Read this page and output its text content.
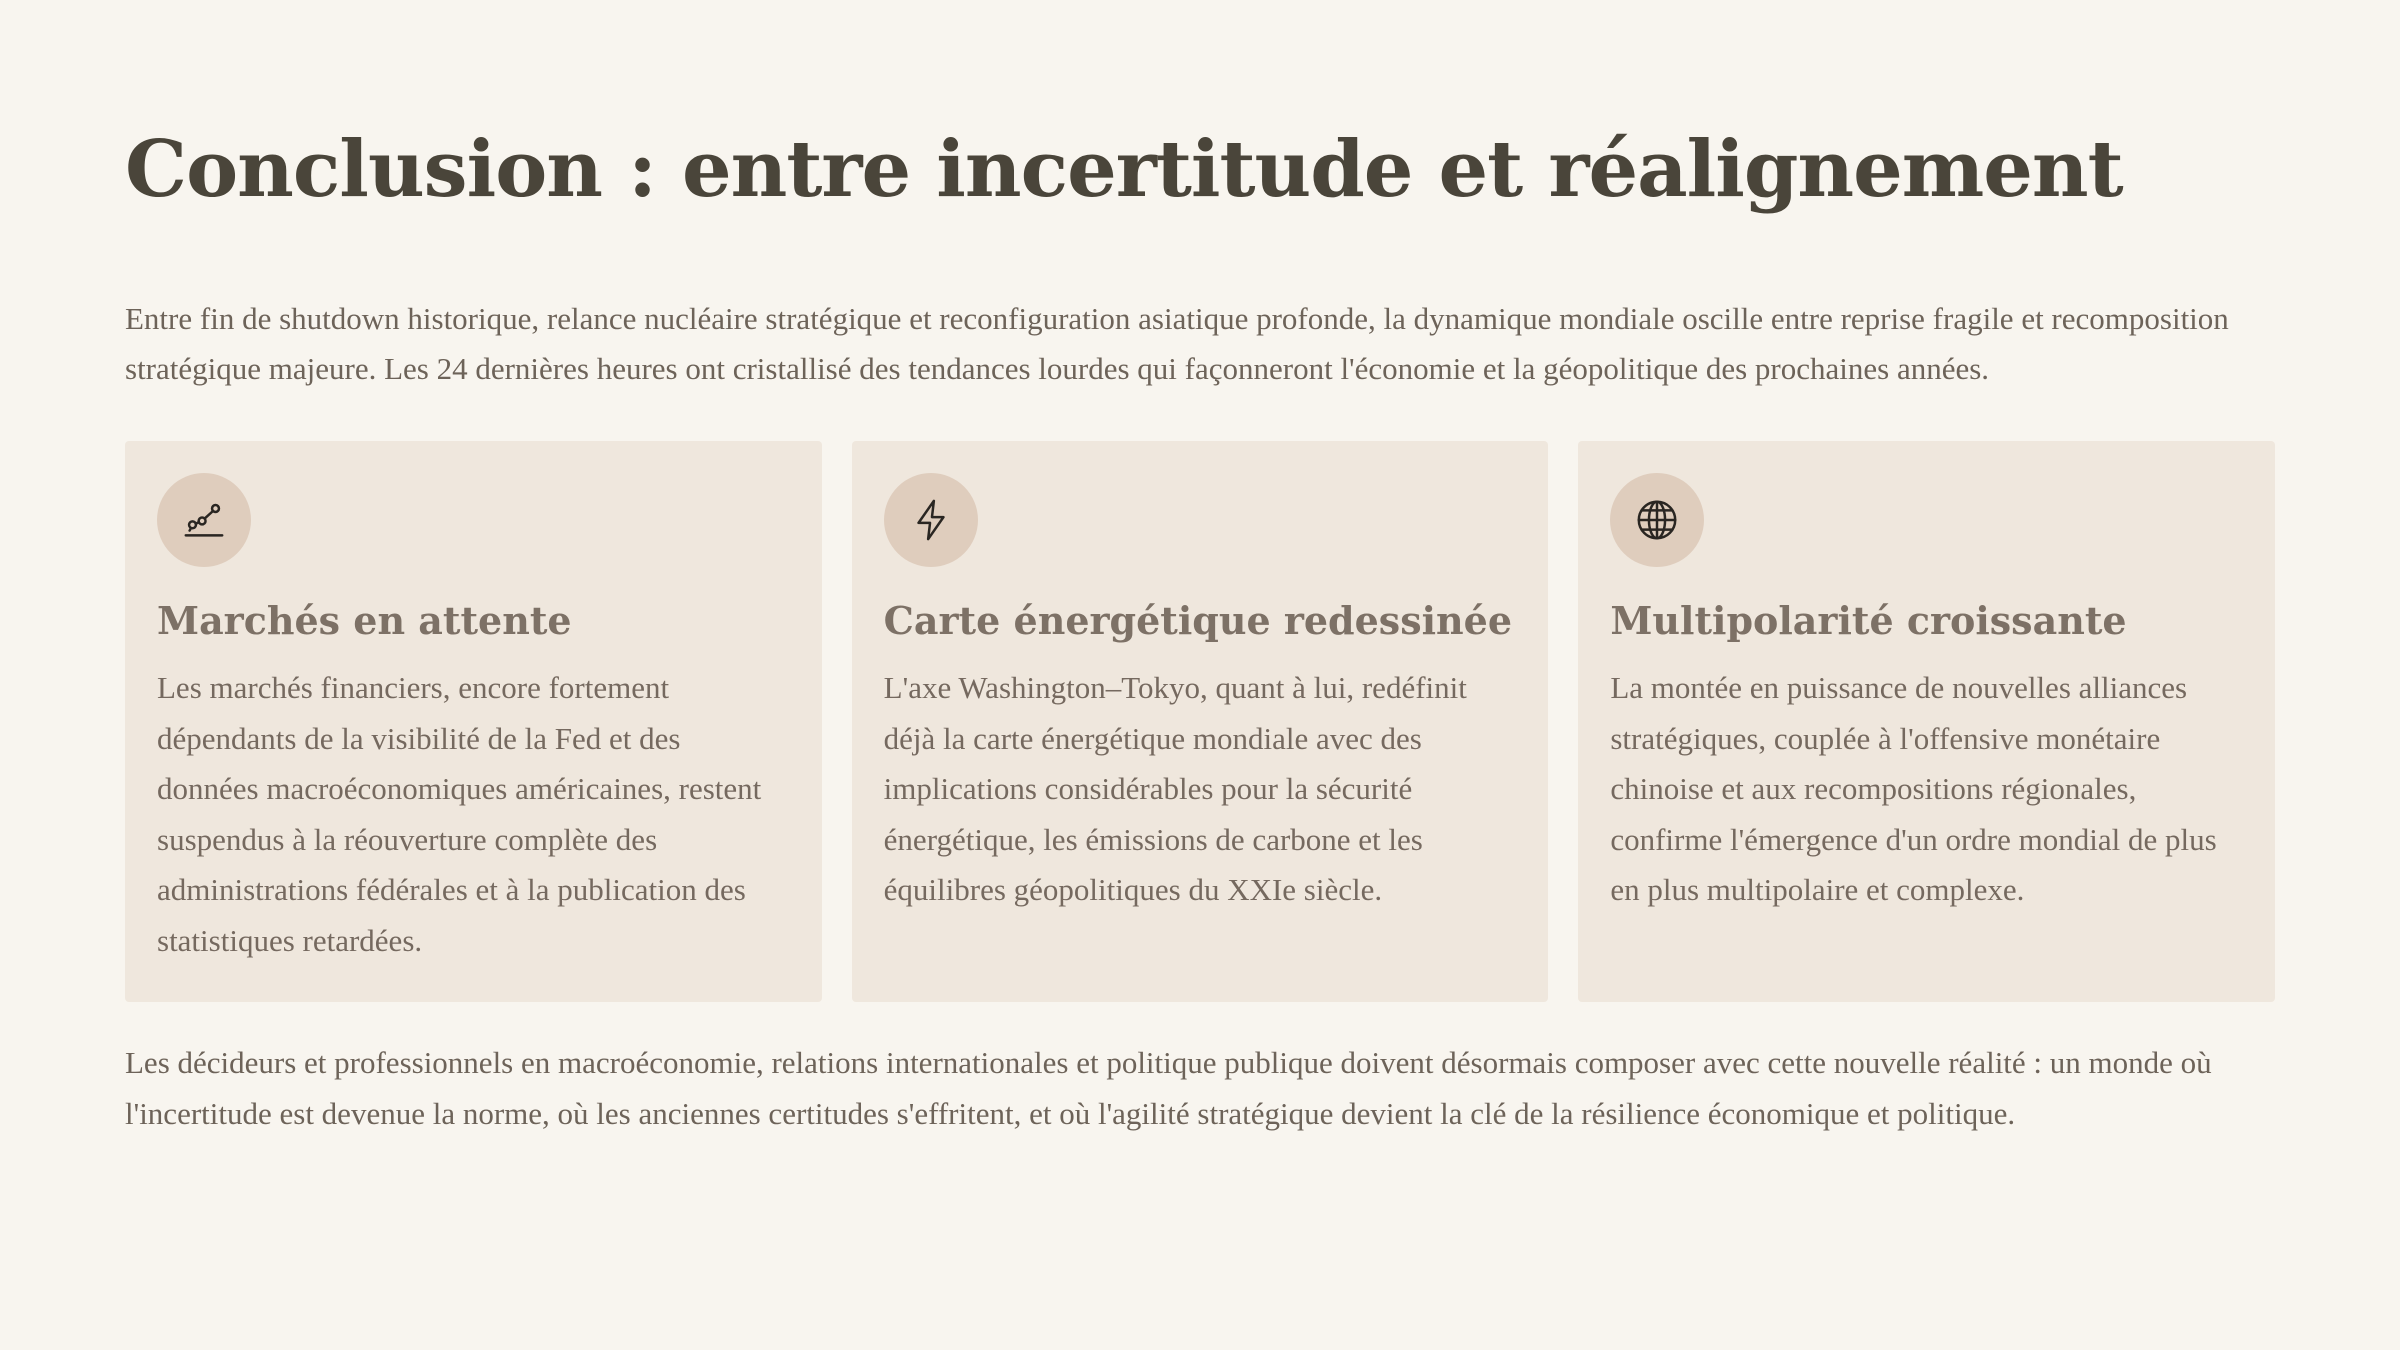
Conclusion : entre incertitude et réalignement

Entre fin de shutdown historique, relance nucléaire stratégique et reconfiguration asiatique profonde, la dynamique mondiale oscille entre reprise fragile et recomposition stratégique majeure. Les 24 dernières heures ont cristallisé des tendances lourdes qui façonneront l'économie et la géopolitique des prochaines années.

Marchés en attente

Les marchés financiers, encore fortement dépendants de la visibilité de la Fed et des données macroéconomiques américaines, restent suspendus à la réouverture complète des administrations fédérales et à la publication des statistiques retardées.

Carte énergétique redessinée

L'axe Washington–Tokyo, quant à lui, redéfinit déjà la carte énergétique mondiale avec des implications considérables pour la sécurité énergétique, les émissions de carbone et les équilibres géopolitiques du XXIe siècle.

Multipolarité croissante

La montée en puissance de nouvelles alliances stratégiques, couplée à l'offensive monétaire chinoise et aux recompositions régionales, confirme l'émergence d'un ordre mondial de plus en plus multipolaire et complexe.

Les décideurs et professionnels en macroéconomie, relations internationales et politique publique doivent désormais composer avec cette nouvelle réalité : un monde où l'incertitude est devenue la norme, où les anciennes certitudes s'effritent, et où l'agilité stratégique devient la clé de la résilience économique et politique.
